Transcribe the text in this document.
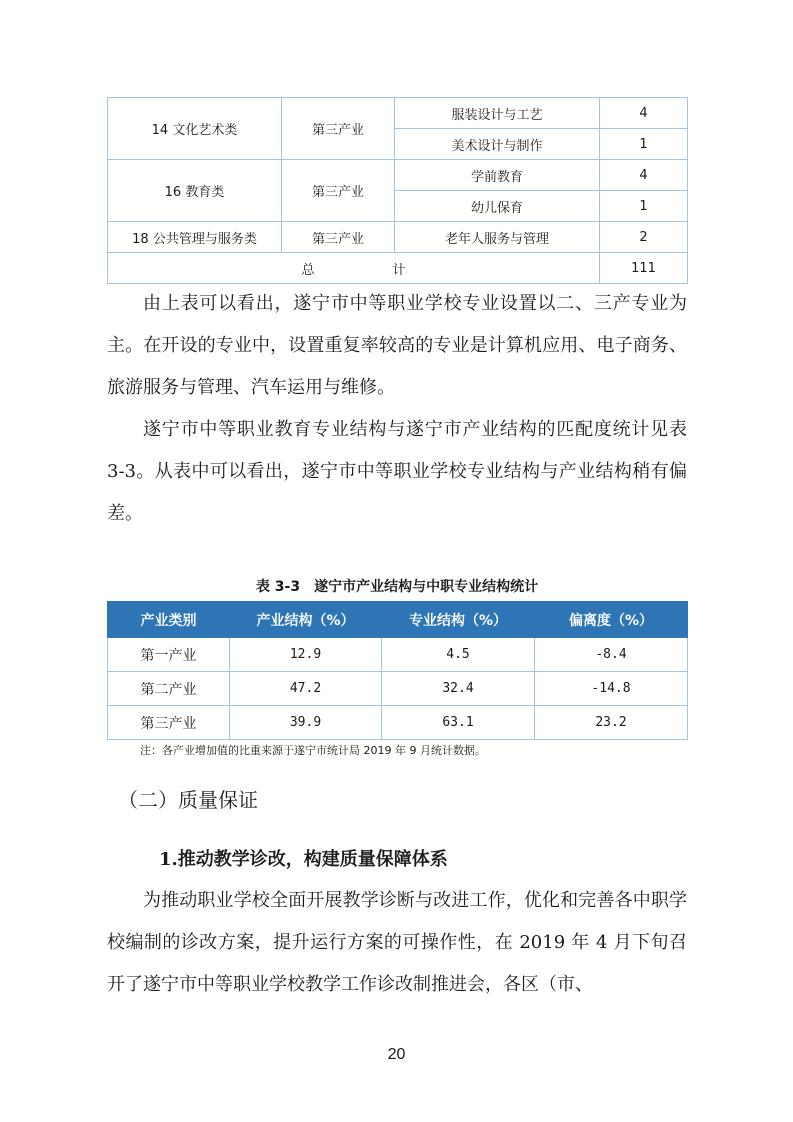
14 文化艺术类	第三产业	服装设计与工艺	4
		美术设计与制作	1
16 教育类	第三产业	学前教育	4
		幼儿保育	1
18 公共管理与服务类	第三产业	老年人服务与管理	2
总 计			111

由上表可以看出，遂宁市中等职业学校专业设置以二、三产专业为主。在开设的专业中，设置重复率较高的专业是计算机应用、电子商务、旅游服务与管理、汽车运用与维修。

遂宁市中等职业教育专业结构与遂宁市产业结构的匹配度统计见表 3-3。从表中可以看出，遂宁市中等职业学校专业结构与产业结构稍有偏差。

表 3-3　遂宁市产业结构与中职专业结构统计
产业类别	产业结构（%）	专业结构（%）	偏离度（%）
第一产业	12.9	4.5	-8.4
第二产业	47.2	32.4	-14.8
第三产业	39.9	63.1	23.2
注：各产业增加值的比重来源于遂宁市统计局 2019 年 9 月统计数据。
（二）质量保证
1.推动教学诊改，构建质量保障体系

为推动职业学校全面开展教学诊断与改进工作，优化和完善各中职学校编制的诊改方案，提升运行方案的可操作性，在 2019 年 4 月下旬召开了遂宁市中等职业学校教学工作诊改制推进会，各区（市、

20
